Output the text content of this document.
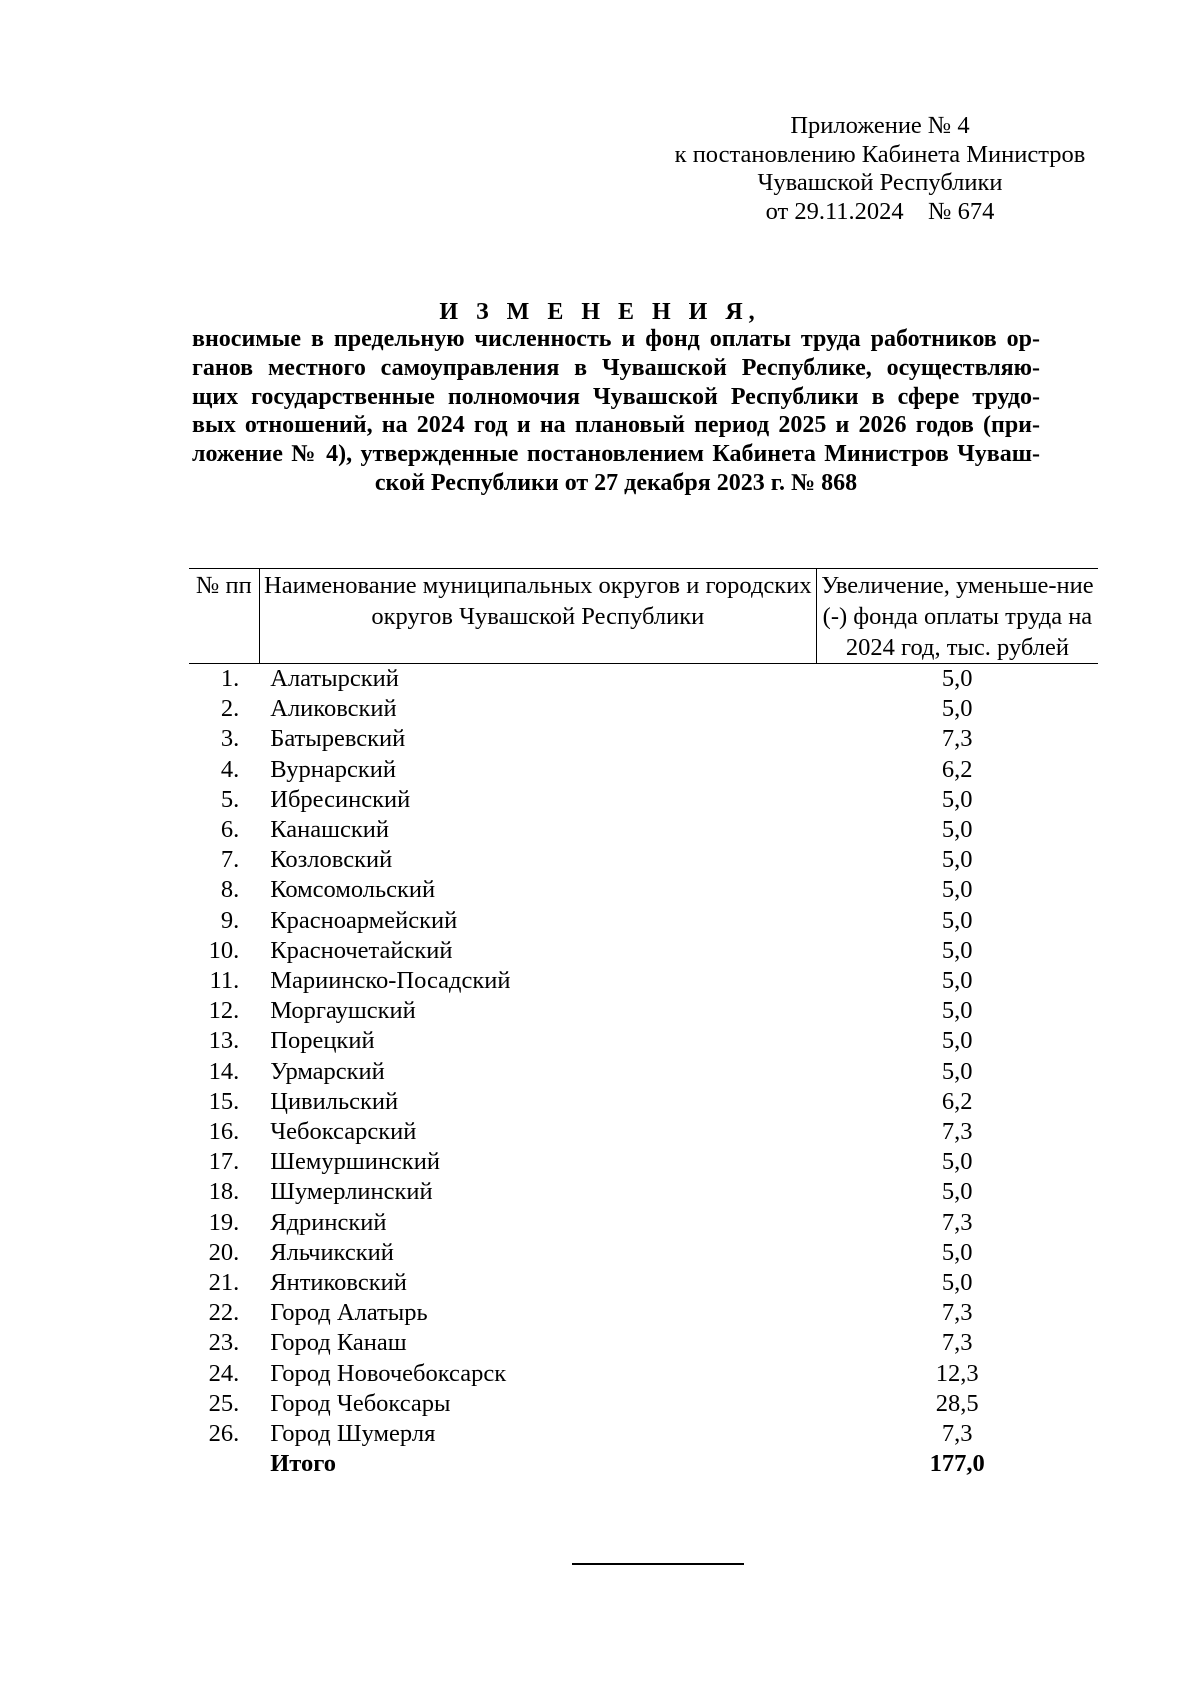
Приложение № 4
к постановлению Кабинета Министров
Чувашской Республики
от 29.11.2024    № 674
И З М Е Н Е Н И Я,
вносимые в предельную численность и фонд оплаты труда работников ор-
ганов местного самоуправления в Чувашской Республике, осуществляю-
щих государственные полномочия Чувашской Республики в сфере трудо-
вых отношений, на 2024 год и на плановый период 2025 и 2026 годов (при-
ложение № 4), утвержденные постановлением Кабинета Министров Чуваш-
ской Республики от 27 декабря 2023 г. № 868
№ пп	Наименование муниципальных округов и городских округов Чувашской Республики	Увеличение, уменьше-ние (-) фонда оплаты труда на 2024 год, тыс. рублей
1.	Алатырский	5,0
2.	Аликовский	5,0
3.	Батыревский	7,3
4.	Вурнарский	6,2
5.	Ибресинский	5,0
6.	Канашский	5,0
7.	Козловский	5,0
8.	Комсомольский	5,0
9.	Красноармейский	5,0
10.	Красночетайский	5,0
11.	Мариинско-Посадский	5,0
12.	Моргаушский	5,0
13.	Порецкий	5,0
14.	Урмарский	5,0
15.	Цивильский	6,2
16.	Чебоксарский	7,3
17.	Шемуршинский	5,0
18.	Шумерлинский	5,0
19.	Ядринский	7,3
20.	Яльчикский	5,0
21.	Янтиковский	5,0
22.	Город Алатырь	7,3
23.	Город Канаш	7,3
24.	Город Новочебоксарск	12,3
25.	Город Чебоксары	28,5
26.	Город Шумерля	7,3
	Итого	177,0
